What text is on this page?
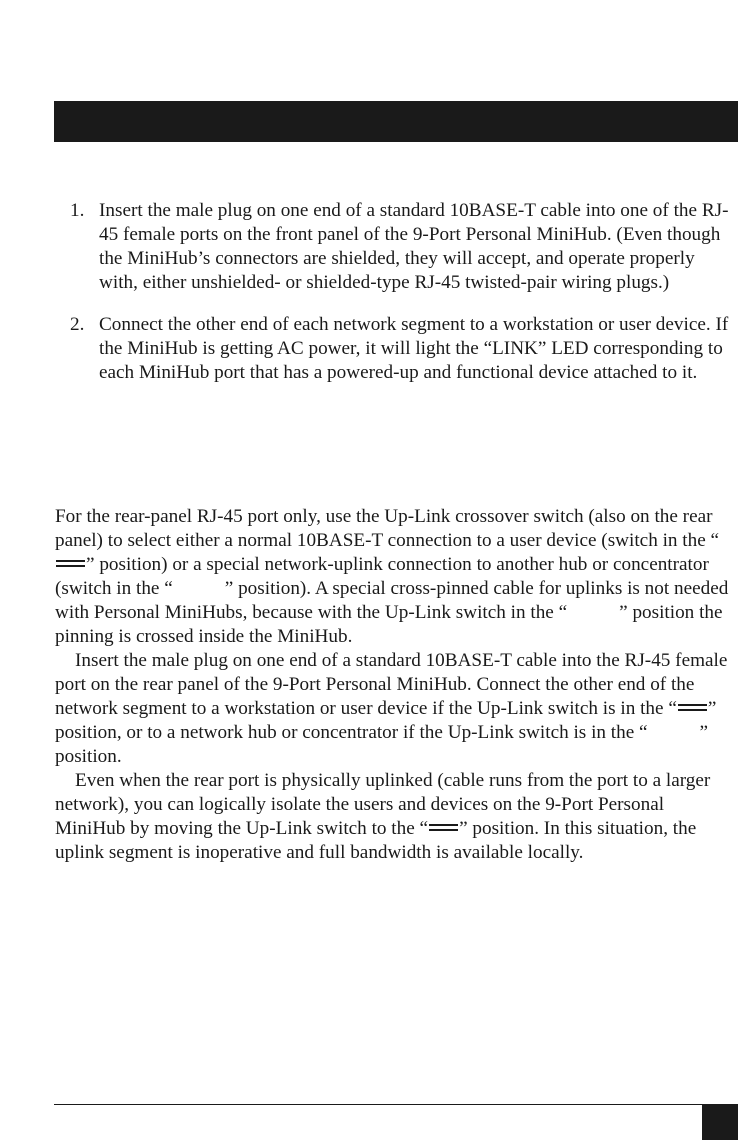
1. Insert the male plug on one end of a standard 10BASE-T cable into one of the RJ-45 female ports on the front panel of the 9-Port Personal MiniHub. (Even though the MiniHub’s connectors are shielded, they will accept, and operate properly with, either unshielded- or shielded-type RJ-45 twisted-pair wiring plugs.)
2. Connect the other end of each network segment to a workstation or user device. If the MiniHub is getting AC power, it will light the “LINK” LED corresponding to each MiniHub port that has a powered-up and functional device attached to it.

For the rear-panel RJ-45 port only, use the Up-Link crossover switch (also on the rear panel) to select either a normal 10BASE-T connection to a user device (switch in the “” position) or a special network-uplink connection to another hub or concentrator (switch in the “	” position). A special cross-pinned cable for uplinks is not needed with Personal MiniHubs, because with the Up-Link switch in the “	” position the pinning is crossed inside the MiniHub.

Insert the male plug on one end of a standard 10BASE-T cable into the RJ-45 female port on the rear panel of the 9-Port Personal MiniHub. Connect the other end of the network segment to a workstation or user device if the Up-Link switch is in the “ ” position, or to a network hub or concentrator if the Up-Link switch is in the “	” position.

Even when the rear port is physically uplinked (cable runs from the port to a larger network), you can logically isolate the users and devices on the 9-Port Personal MiniHub by moving the Up-Link switch to the “ ” position. In this situation, the uplink segment is inoperative and full bandwidth is available locally.
